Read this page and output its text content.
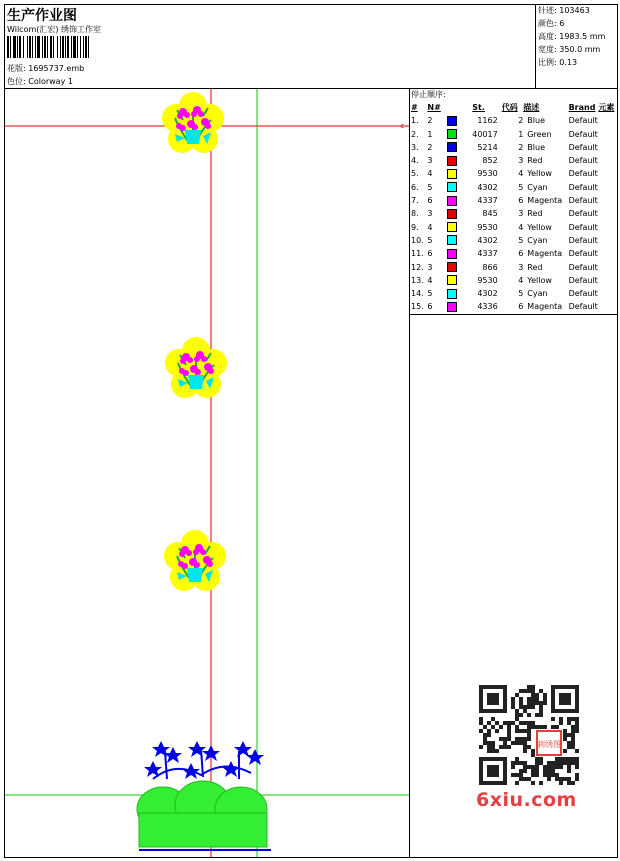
生产作业图
Wilcom(汇宏) 绣饰工作室
花版: 1695737.emb
色位: Colorway 1
针迹: 103463
颜色: 6
高度: 1983.5 mm
宽度: 350.0 mm
比例: 0.13
停止顺序:
#	N#		St.	代码	描述	Brand	元素
1.	2		1162	2	Blue	Default	
2.	1		40017	1	Green	Default	
3.	2		5214	2	Blue	Default	
4.	3		852	3	Red	Default	
5.	4		9530	4	Yellow	Default	
6.	5		4302	5	Cyan	Default	
7.	6		4337	6	Magenta	Default	
8.	3		845	3	Red	Default	
9.	4		9530	4	Yellow	Default	
10.	5		4302	5	Cyan	Default	
11.	6		4337	6	Magenta	Default	
12.	3		866	3	Red	Default	
13.	4		9530	4	Yellow	Default	
14.	5		4302	5	Cyan	Default	
15.	6		4336	6	Magenta	Default	
-c
刺绣图
6xiu.com
